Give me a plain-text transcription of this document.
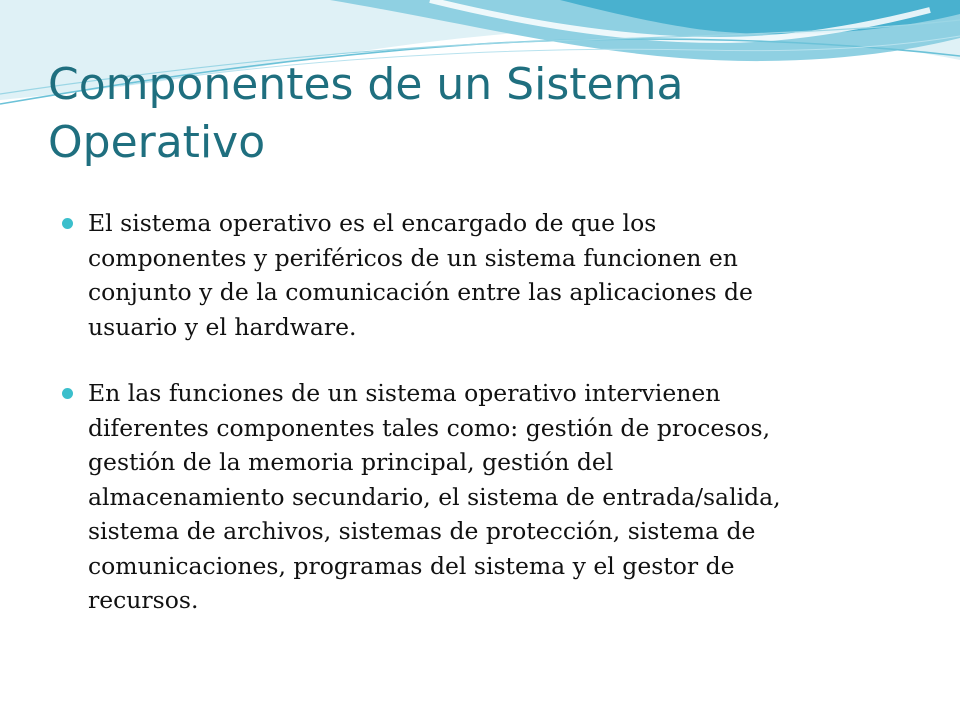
Componentes de un Sistema
Operativo
El sistema operativo es el encargado de que los
componentes y periféricos de un sistema funcionen en
conjunto y de la comunicación entre las aplicaciones de
usuario y el hardware.
En las funciones de un sistema operativo intervienen
diferentes componentes tales como: gestión de procesos,
gestión de la memoria principal, gestión del
almacenamiento secundario, el sistema de entrada/salida,
sistema de archivos, sistemas de protección, sistema de
comunicaciones, programas del sistema y el gestor de
recursos.
